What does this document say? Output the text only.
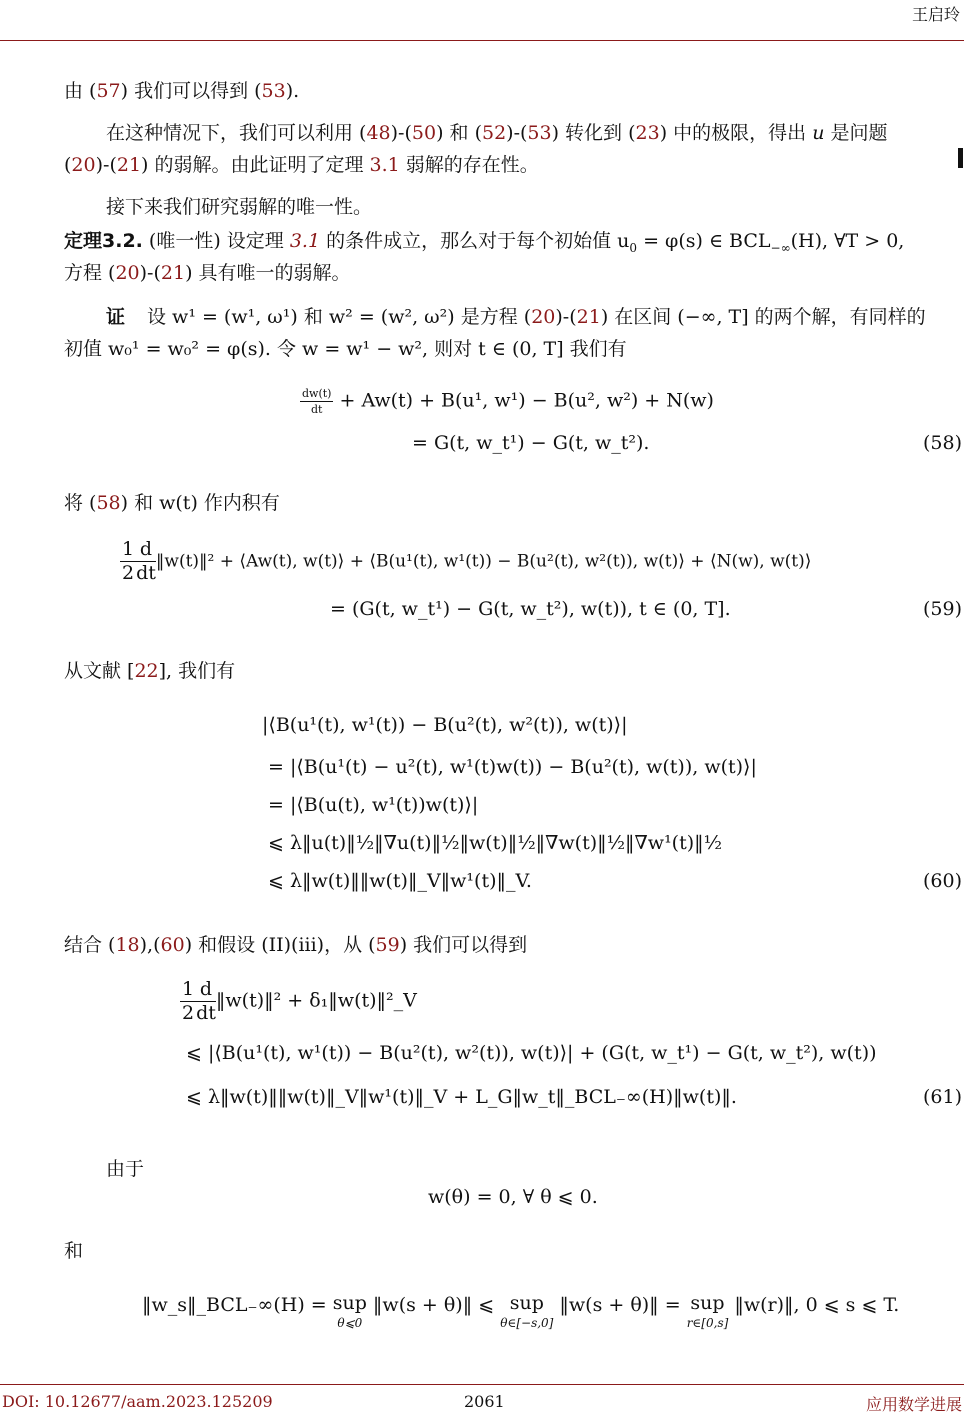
王启玲
由 (57) 我们可以得到 (53).
在这种情况下，我们可以利用 (48)-(50) 和 (52)-(53) 转化到 (23) 中的极限，得出 u 是问题
(20)-(21) 的弱解。由此证明了定理 3.1 弱解的存在性。
接下来我们研究弱解的唯一性。
定理3.2. (唯一性) 设定理 3.1 的条件成立，那么对于每个初始值 $u_0 = \varphi(s)$ ∈ $BCL_{-\infty}(H)$, ∀T > 0,
方程 (20)-(21) 具有唯一的弱解。
证 设 w¹ = (w¹, ω¹) 和 w² = (w², ω²) 是方程 (20)-(21) 在区间 (−∞, T] 的两个解，有同样的
初值 w₀¹ = w₀² = φ(s). 令 w = w¹ − w², 则对 t ∈ (0, T] 我们有
$\frac{dw(t)}{dt} + Aw(t) + B(u^1$, w¹) − B(u², w²) + N(w)
= G(t, w_t¹) − G(t, w_t²).	(58)
将 (58) 和 w(t) 作内积有
$\frac{1}{2} \frac{d}{dt}$ ‖w(t)‖² + ⟨Aw(t), w(t)⟩ + ⟨B(u¹(t), w¹(t)) − B(u²(t), w²(t)), w(t)⟩ + ⟨N(w), w(t)⟩
= (G(t, w_t¹) − G(t, w_t²), w(t)), t ∈ (0, T].	(59)
从文献 [22], 我们有
|⟨B(u¹(t), w¹(t)) − B(u²(t), w²(t)), w(t)⟩|
= |⟨B(u¹(t) − u²(t), w¹(t)w(t)) − B(u²(t), w(t)), w(t)⟩|
= |⟨B(u(t), w¹(t))w(t)⟩|
⩽ λ‖u(t)‖½‖∇u(t)‖½‖w(t)‖½‖∇w(t)‖½‖∇w¹(t)‖½
⩽ λ‖w(t)‖‖w(t)‖_V‖w¹(t)‖_V.	(60)
结合 (18),(60) 和假设 (II)(iii)，从 (59) 我们可以得到
$\frac{1}{2} \frac{d}{dt}$ ‖w(t)‖² + δ₁‖w(t)‖²_V
⩽ |⟨B(u¹(t), w¹(t)) − B(u²(t), w²(t)), w(t)⟩| + (G(t, w_t¹) − G(t, w_t²), w(t))
⩽ λ‖w(t)‖‖w(t)‖_V‖w¹(t)‖_V + L_G‖w_t‖_BCL₋∞(H)‖w(t)‖.	(61)
由于
w(θ) = 0, ∀ θ ⩽ 0.
和
‖w_s‖_BCL₋∞(H) = sup
θ⩽0
‖w(s + θ)‖ ⩽ sup
θ∈[−s,0]
‖w(s + θ)‖ = sup
r∈[0,s]
‖w(r)‖, 0 ⩽ s ⩽ T.
DOI: 10.12677/aam.2023.125209	2061	应用数学进展
